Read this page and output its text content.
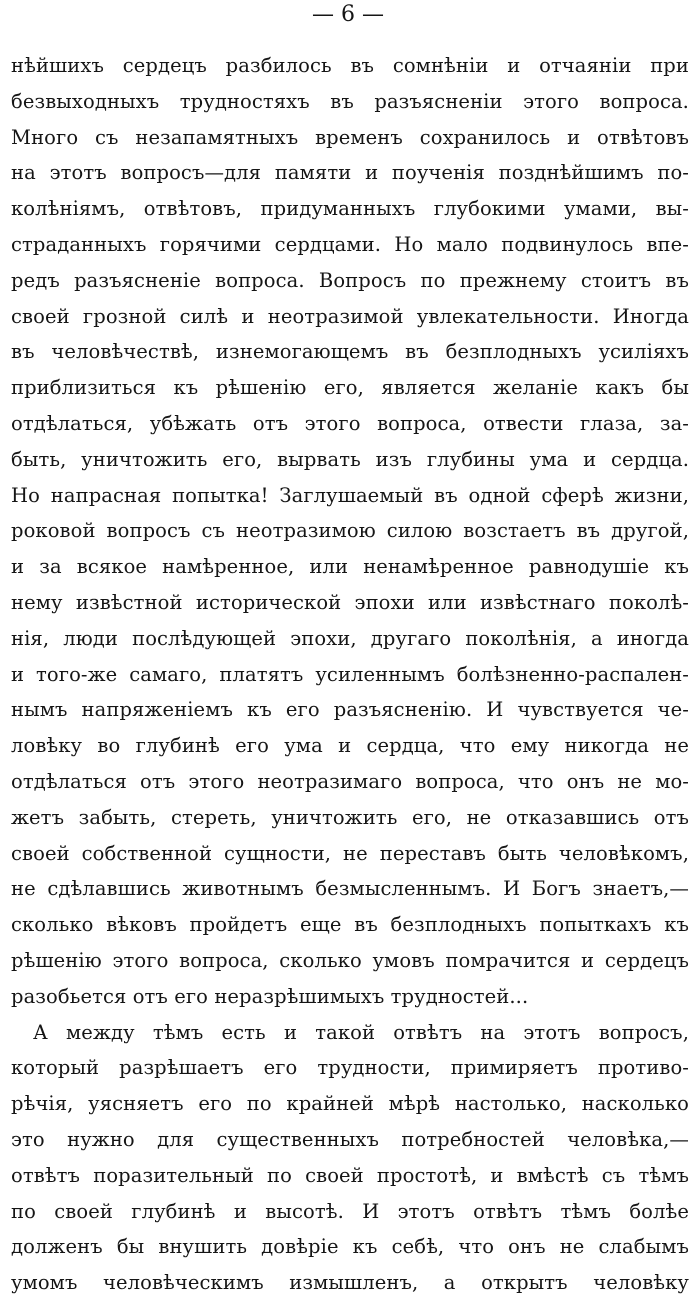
— 6 —
нѣйшихъ сердецъ разбилось въ сомнѣніи и отчаяніи при
безвыходныхъ трудностяхъ въ разъясненіи этого вопроса.
Много съ незапамятныхъ временъ сохранилось и отвѣтовъ
на этотъ вопросъ—для памяти и поученія позднѣйшимъ по-
колѣніямъ, отвѣтовъ, придуманныхъ глубокими умами, вы-
страданныхъ горячими сердцами. Но мало подвинулось впе-
редъ разъясненіе вопроса. Вопросъ по прежнему стоитъ въ
своей грозной силѣ и неотразимой увлекательности. Иногда
въ человѣчествѣ, изнемогающемъ въ безплодныхъ усиліяхъ
приблизиться къ рѣшенію его, является желаніе какъ бы
отдѣлаться, убѣжать отъ этого вопроса, отвести глаза, за-
быть, уничтожить его, вырвать изъ глубины ума и сердца.
Но напрасная попытка! Заглушаемый въ одной сферѣ жизни,
роковой вопросъ съ неотразимою силою возстаетъ въ другой,
и за всякое намѣренное, или ненамѣренное равнодушіе къ
нему извѣстной исторической эпохи или извѣстнаго поколѣ-
нія, люди послѣдующей эпохи, другаго поколѣнія, а иногда
и того-же самаго, платятъ усиленнымъ болѣзненно-распален-
нымъ напряженіемъ къ его разъясненію. И чувствуется че-
ловѣку во глубинѣ его ума и сердца, что ему никогда не
отдѣлаться отъ этого неотразимаго вопроса, что онъ не мо-
жетъ забыть, стереть, уничтожить его, не отказавшись отъ
своей собственной сущности, не переставъ быть человѣкомъ,
не сдѣлавшись животнымъ безмысленнымъ. И Богъ знаетъ,—
сколько вѣковъ пройдетъ еще въ безплодныхъ попыткахъ къ
рѣшенію этого вопроса, сколько умовъ помрачится и сердецъ
разобьется отъ его неразрѣшимыхъ трудностей...
А между тѣмъ есть и такой отвѣтъ на этотъ вопросъ,
который разрѣшаетъ его трудности, примиряетъ противо-
рѣчія, уясняетъ его по крайней мѣрѣ настолько, насколько
это нужно для существенныхъ потребностей человѣка,—
отвѣтъ поразительный по своей простотѣ, и вмѣстѣ съ тѣмъ
по своей глубинѣ и высотѣ. И этотъ отвѣтъ тѣмъ болѣе
долженъ бы внушить довѣріе къ себѣ, что онъ не слабымъ
умомъ человѣческимъ измышленъ, а открытъ человѣку
